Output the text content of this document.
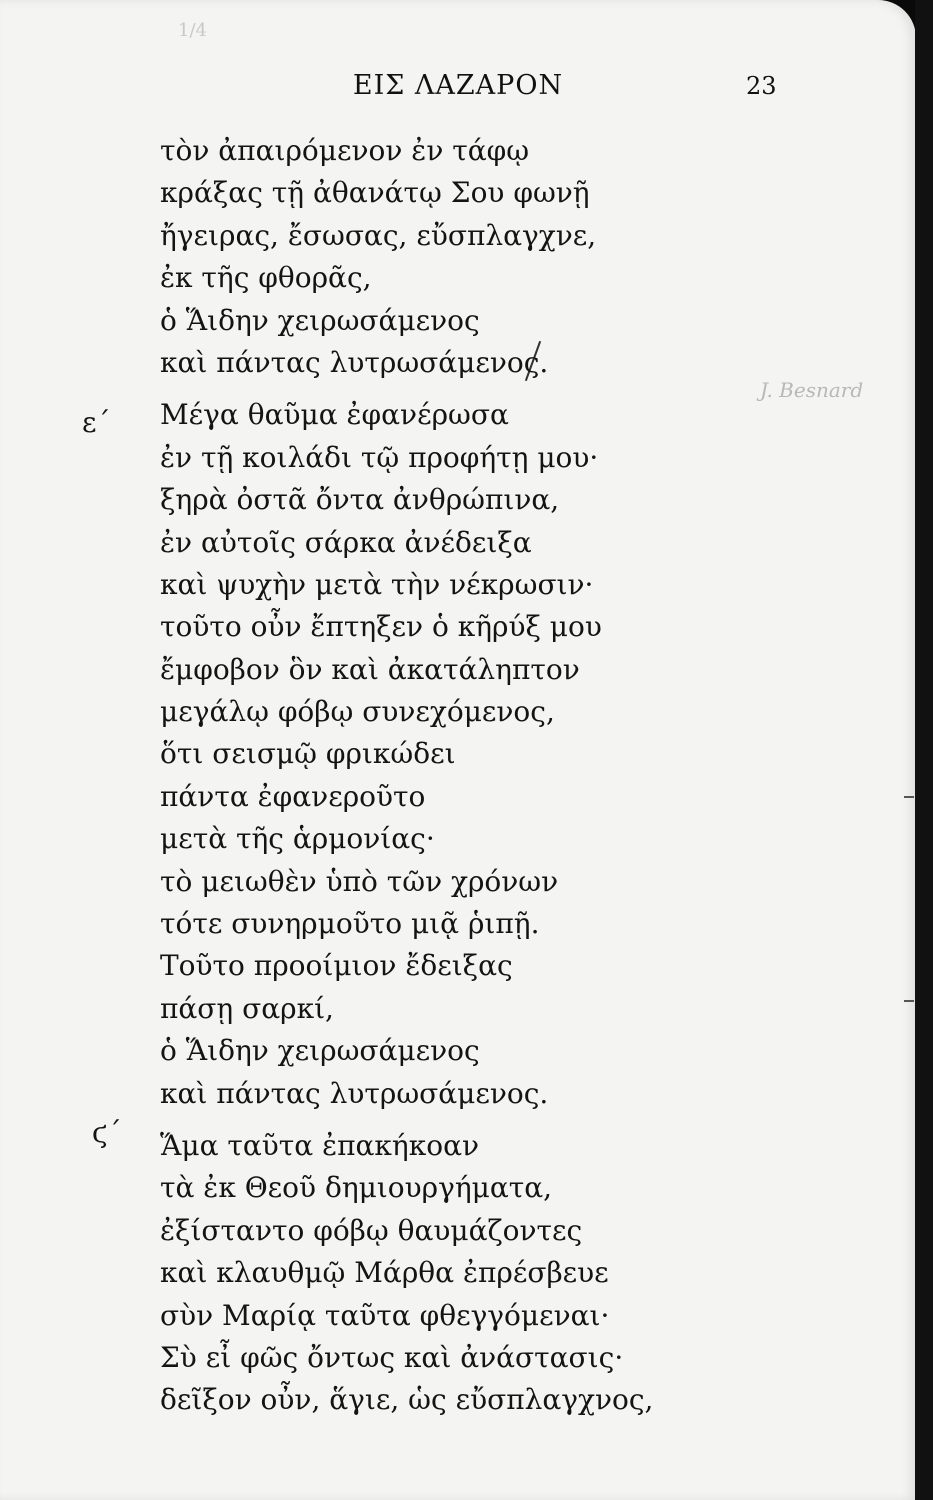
1/4
ΕΙΣ ΛΑΖΑΡΟΝ	23
ε΄
ϛ΄
J. Besnard
τὸν ἀπαιρόμενον ἐν τάφῳ
κράξας τῇ ἀθανάτῳ Σου φωνῇ
ἤγειρας, ἔσωσας, εὔσπλαγχνε,
ἐκ τῆς φθορᾶς,
ὁ Ἅιδην χειρωσάμενος
καὶ πάντας λυτρωσάμενος.
Μέγα θαῦμα ἐφανέρωσα
ἐν τῇ κοιλάδι τῷ προφήτῃ μου·
ξηρὰ ὀστᾶ ὄντα ἀνθρώπινα,
ἐν αὐτοῖς σάρκα ἀνέδειξα
καὶ ψυχὴν μετὰ τὴν νέκρωσιν·
τοῦτο οὖν ἔπτηξεν ὁ κῆρύξ μου
ἔμφοβον ὃν καὶ ἀκατάληπτον
μεγάλῳ φόβῳ συνεχόμενος,
ὅτι σεισμῷ φρικώδει
πάντα ἐφανεροῦτο
μετὰ τῆς ἁρμονίας·
τὸ μειωθὲν ὑπὸ τῶν χρόνων
τότε συνηρμοῦτο μιᾷ ῥιπῇ.
Τοῦτο προοίμιον ἔδειξας
πάσῃ σαρκί,
ὁ Ἅιδην χειρωσάμενος
καὶ πάντας λυτρωσάμενος.
Ἅμα ταῦτα ἐπακήκοαν
τὰ ἐκ Θεοῦ δημιουργήματα,
ἐξίσταντο φόβῳ θαυμάζοντες
καὶ κλαυθμῷ Μάρθα ἐπρέσβευε
σὺν Μαρίᾳ ταῦτα φθεγγόμεναι·
Σὺ εἶ φῶς ὄντως καὶ ἀνάστασις·
δεῖξον οὖν, ἅγιε, ὡς εὔσπλαγχνος,
